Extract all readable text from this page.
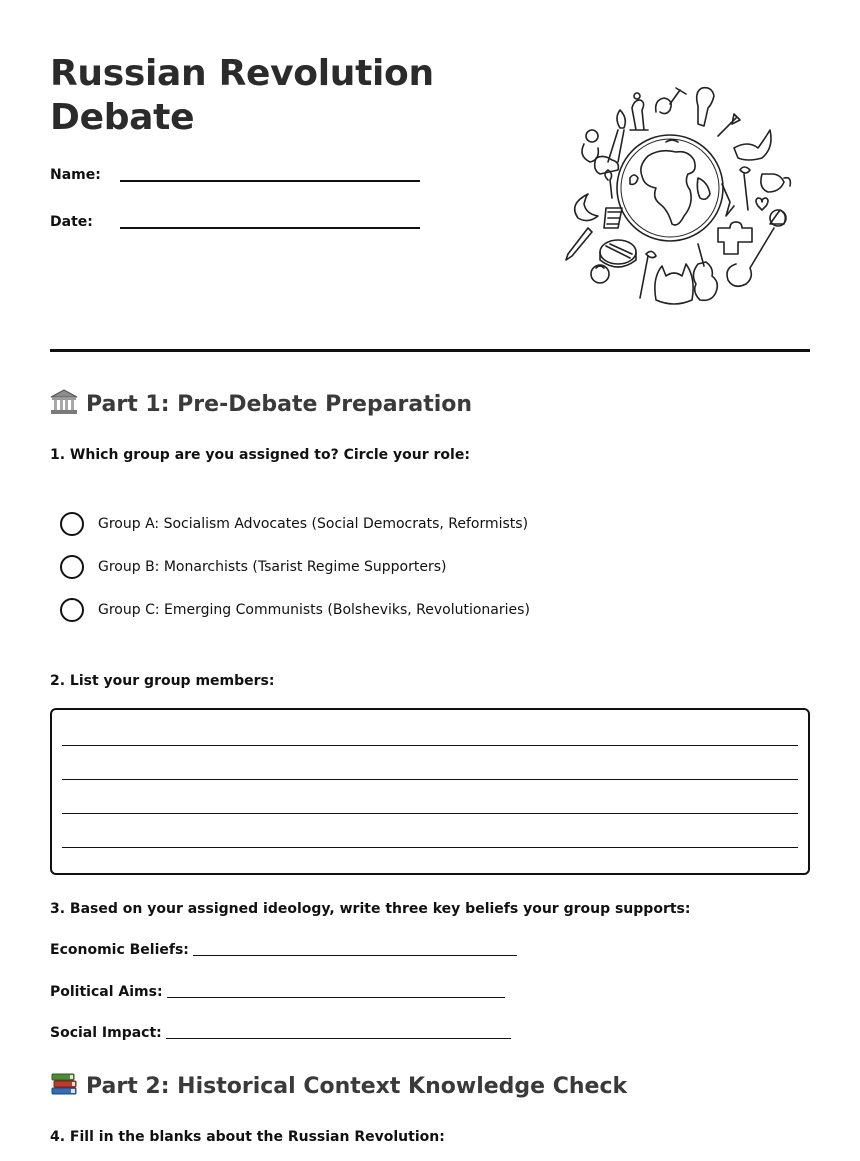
Russian Revolution
Debate
Name:
Date:
Part 1: Pre-Debate Preparation

1. Which group are you assigned to? Circle your role:

Group A: Socialism Advocates (Social Democrats, Reformists)
Group B: Monarchists (Tsarist Regime Supporters)
Group C: Emerging Communists (Bolsheviks, Revolutionaries)

2. List your group members:

3. Based on your assigned ideology, write three key beliefs your group supports:

Economic Beliefs:
Political Aims:
Social Impact:
Part 2: Historical Context Knowledge Check

4. Fill in the blanks about the Russian Revolution:
